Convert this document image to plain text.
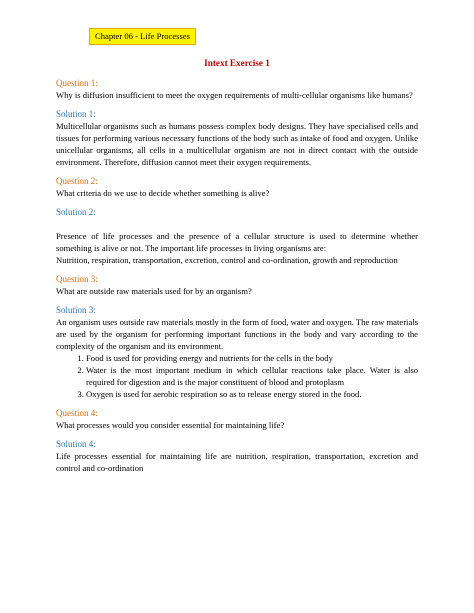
Chapter 06 - Life Processes
Intext Exercise 1
Question 1:

Why is diffusion insufficient to meet the oxygen requirements of multi-cellular organisms like humans?

Solution 1:

Multicellular organisms such as humans possess complex body designs. They have specialised cells and tissues for performing various necessary functions of the body such as intake of food and oxygen. Unlike unicellular organisms, all cells in a multicellular organism are not in direct contact with the outside environment. Therefore, diffusion cannot meet their oxygen requirements.

Question 2:

What criteria do we use to decide whether something is alive?

Solution 2:

Presence of life processes and the presence of a cellular structure is used to determine whether something is alive or not. The important life processes in living organisms are:

Nutrition, respiration, transportation, excretion, control and co-ordination, growth and reproduction

Question 3:

What are outside raw materials used for by an organism?

Solution 3:

An organism uses outside raw materials mostly in the form of food, water and oxygen. The raw materials are used by the organism for performing important functions in the body and vary according to the complexity of the organism and its environment.

1. Food is used for providing energy and nutrients for the cells in the body
2. Water is the most important medium in which cellular reactions take place. Water is also required for digestion and is the major constituent of blood and protoplasm
3. Oxygen is used for aerobic respiration so as to release energy stored in the food.
Question 4:

What processes would you consider essential for maintaining life?

Solution 4:

Life processes essential for maintaining life are nutrition, respiration, transportation, excretion and control and co-ordination
